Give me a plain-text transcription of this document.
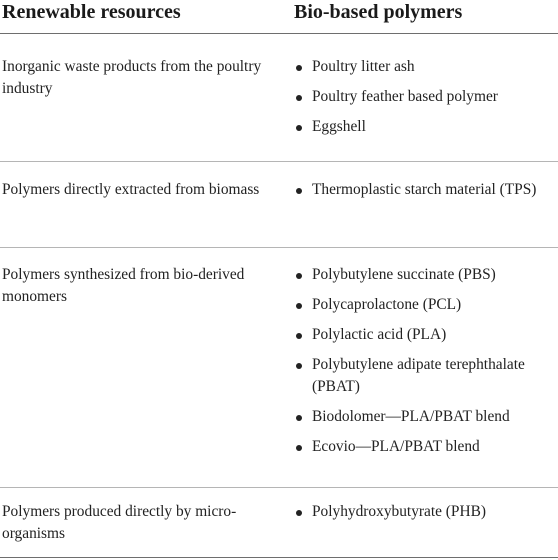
Renewable resources	Bio-based polymers
Inorganic waste products from the poultry industry
Poultry litter ash
Poultry feather based polymer
Eggshell
Polymers directly extracted from biomass	Thermoplastic starch material (TPS)
Polymers synthesized from bio-derived monomers
Polybutylene succinate (PBS)
Polycaprolactone (PCL)
Polylactic acid (PLA)
Polybutylene adipate terephthalate (PBAT)
Biodolomer—PLA/PBAT blend
Ecovio—PLA/PBAT blend
Polymers produced directly by micro-organisms
Polyhydroxybutyrate (PHB)
